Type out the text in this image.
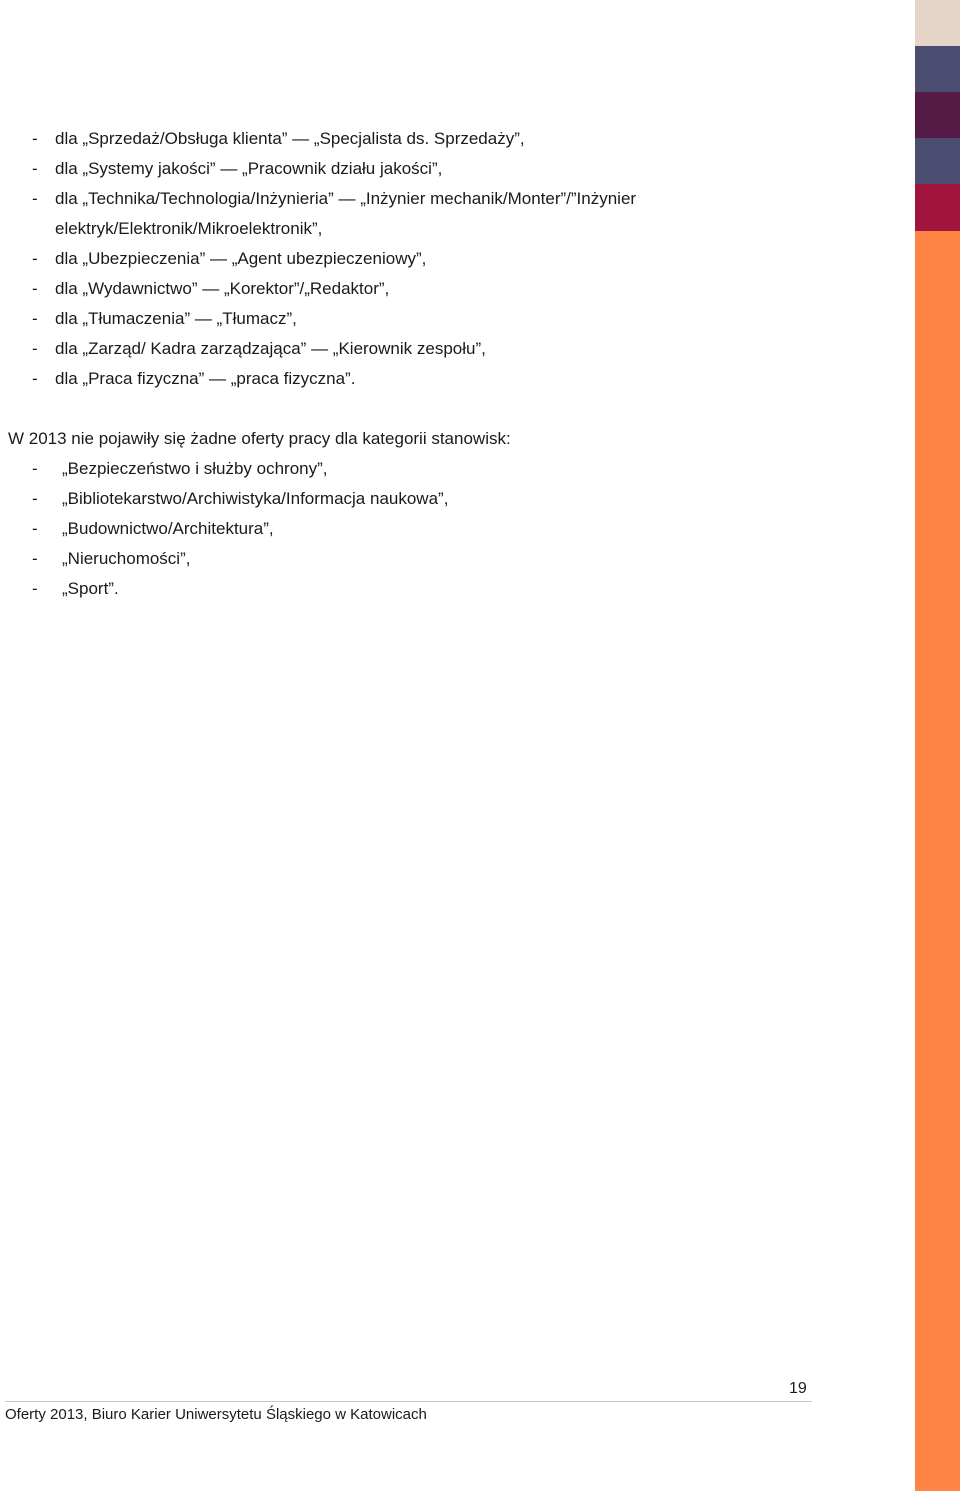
- dla „Sprzedaż/Obsługa klienta” — „Specjalista ds. Sprzedaży”,
- dla „Systemy jakości” — „Pracownik działu jakości”,
- dla „Technika/Technologia/Inżynieria” — „Inżynier mechanik/Monter”/”Inżynier
elektryk/Elektronik/Mikroelektronik”,
- dla „Ubezpieczenia” — „Agent ubezpieczeniowy”,
- dla „Wydawnictwo” — „Korektor”/„Redaktor”,
- dla „Tłumaczenia” — „Tłumacz”,
- dla „Zarząd/ Kadra zarządzająca” — „Kierownik zespołu”,
- dla „Praca fizyczna” — „praca fizyczna”.

W 2013 nie pojawiły się żadne oferty pracy dla kategorii stanowisk:

- „Bezpieczeństwo i służby ochrony”,
- „Bibliotekarstwo/Archiwistyka/Informacja naukowa”,
- „Budownictwo/Architektura”,
- „Nieruchomości”,
- „Sport”.
19
Oferty 2013, Biuro Karier Uniwersytetu Śląskiego w Katowicach
